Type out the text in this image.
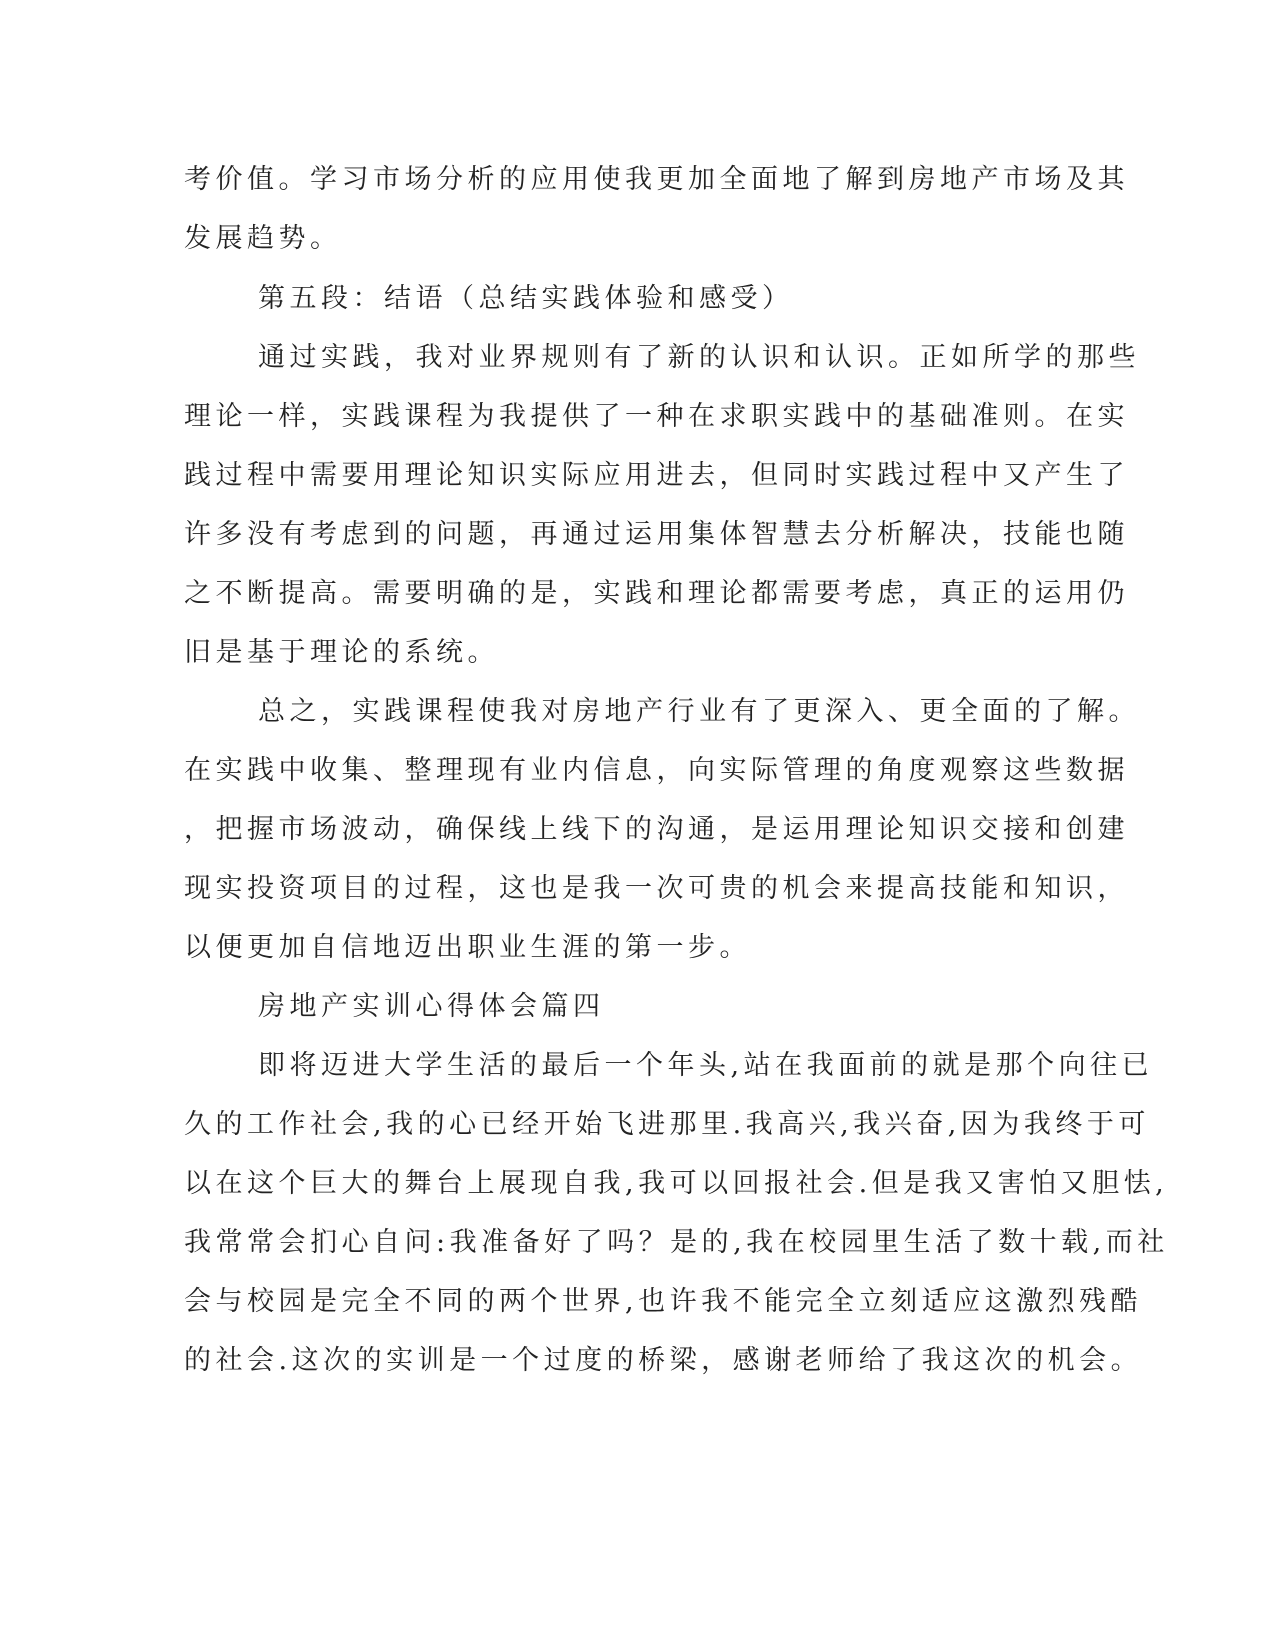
考价值。学习市场分析的应用使我更加全面地了解到房地产市场及其
发展趋势。
第五段：结语（总结实践体验和感受）
通过实践，我对业界规则有了新的认识和认识。正如所学的那些
理论一样，实践课程为我提供了一种在求职实践中的基础准则。在实
践过程中需要用理论知识实际应用进去，但同时实践过程中又产生了
许多没有考虑到的问题，再通过运用集体智慧去分析解决，技能也随
之不断提高。需要明确的是，实践和理论都需要考虑，真正的运用仍
旧是基于理论的系统。
总之，实践课程使我对房地产行业有了更深入、更全面的了解。
在实践中收集、整理现有业内信息，向实际管理的角度观察这些数据
，把握市场波动，确保线上线下的沟通，是运用理论知识交接和创建
现实投资项目的过程，这也是我一次可贵的机会来提高技能和知识，
以便更加自信地迈出职业生涯的第一步。
房地产实训心得体会篇四
即将迈进大学生活的最后一个年头,站在我面前的就是那个向往已
久的工作社会,我的心已经开始飞进那里.我高兴,我兴奋,因为我终于可
以在这个巨大的舞台上展现自我,我可以回报社会.但是我又害怕又胆怯,
我常常会扪心自问:我准备好了吗？是的,我在校园里生活了数十载,而社
会与校园是完全不同的两个世界,也许我不能完全立刻适应这激烈残酷
的社会.这次的实训是一个过度的桥梁，感谢老师给了我这次的机会。
